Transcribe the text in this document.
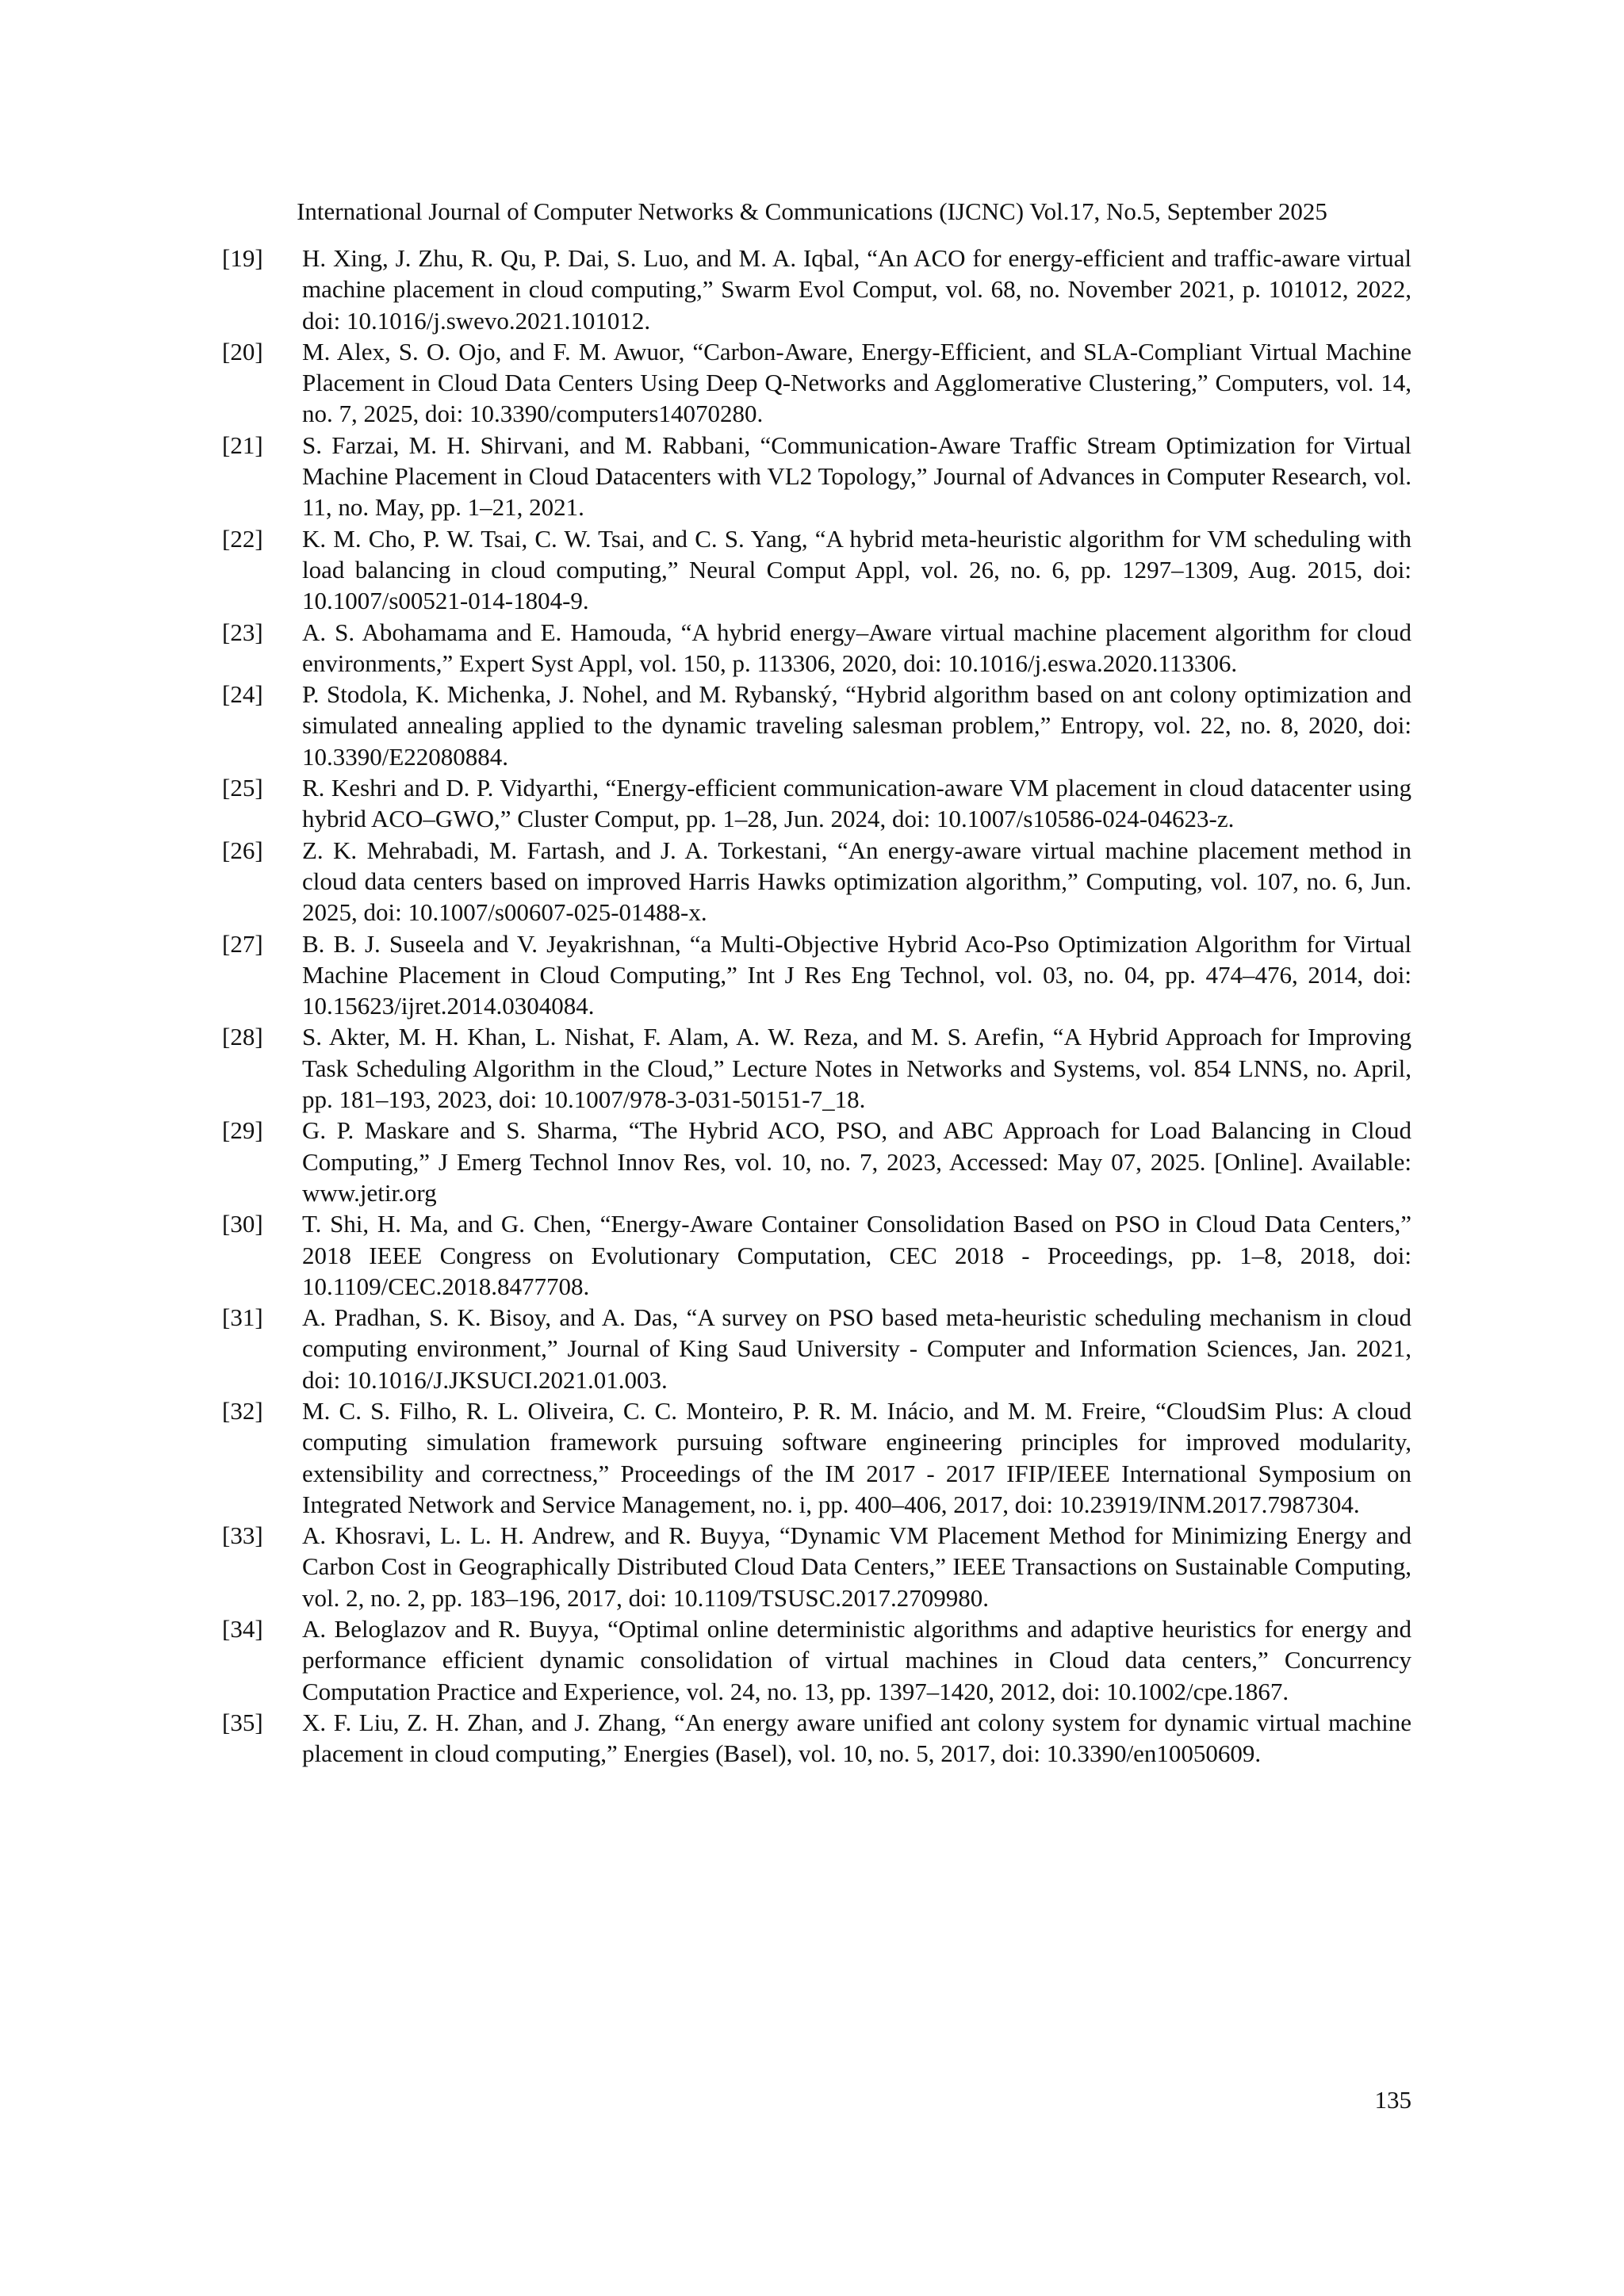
International Journal of Computer Networks & Communications (IJCNC) Vol.17, No.5, September 2025
[19]	H. Xing, J. Zhu, R. Qu, P. Dai, S. Luo, and M. A. Iqbal, “An ACO for energy-efficient and traffic-aware virtual machine placement in cloud computing,” Swarm Evol Comput, vol. 68, no. November 2021, p. 101012, 2022, doi: 10.1016/j.swevo.2021.101012.
[20]	M. Alex, S. O. Ojo, and F. M. Awuor, “Carbon-Aware, Energy-Efficient, and SLA-Compliant Virtual Machine Placement in Cloud Data Centers Using Deep Q-Networks and Agglomerative Clustering,” Computers, vol. 14, no. 7, 2025, doi: 10.3390/computers14070280.
[21]	S. Farzai, M. H. Shirvani, and M. Rabbani, “Communication-Aware Traffic Stream Optimization for Virtual Machine Placement in Cloud Datacenters with VL2 Topology,” Journal of Advances in Computer Research, vol. 11, no. May, pp. 1–21, 2021.
[22]	K. M. Cho, P. W. Tsai, C. W. Tsai, and C. S. Yang, “A hybrid meta-heuristic algorithm for VM scheduling with load balancing in cloud computing,” Neural Comput Appl, vol. 26, no. 6, pp. 1297–1309, Aug. 2015, doi: 10.1007/s00521-014-1804-9.
[23]	A. S. Abohamama and E. Hamouda, “A hybrid energy–Aware virtual machine placement algorithm for cloud environments,” Expert Syst Appl, vol. 150, p. 113306, 2020, doi: 10.1016/j.eswa.2020.113306.
[24]	P. Stodola, K. Michenka, J. Nohel, and M. Rybanský, “Hybrid algorithm based on ant colony optimization and simulated annealing applied to the dynamic traveling salesman problem,” Entropy, vol. 22, no. 8, 2020, doi: 10.3390/E22080884.
[25]	R. Keshri and D. P. Vidyarthi, “Energy-efficient communication-aware VM placement in cloud datacenter using hybrid ACO–GWO,” Cluster Comput, pp. 1–28, Jun. 2024, doi: 10.1007/s10586-024-04623-z.
[26]	Z. K. Mehrabadi, M. Fartash, and J. A. Torkestani, “An energy-aware virtual machine placement method in cloud data centers based on improved Harris Hawks optimization algorithm,” Computing, vol. 107, no. 6, Jun. 2025, doi: 10.1007/s00607-025-01488-x.
[27]	B. B. J. Suseela and V. Jeyakrishnan, “a Multi-Objective Hybrid Aco-Pso Optimization Algorithm for Virtual Machine Placement in Cloud Computing,” Int J Res Eng Technol, vol. 03, no. 04, pp. 474–476, 2014, doi: 10.15623/ijret.2014.0304084.
[28]	S. Akter, M. H. Khan, L. Nishat, F. Alam, A. W. Reza, and M. S. Arefin, “A Hybrid Approach for Improving Task Scheduling Algorithm in the Cloud,” Lecture Notes in Networks and Systems, vol. 854 LNNS, no. April, pp. 181–193, 2023, doi: 10.1007/978-3-031-50151-7_18.
[29]	G. P. Maskare and S. Sharma, “The Hybrid ACO, PSO, and ABC Approach for Load Balancing in Cloud Computing,” J Emerg Technol Innov Res, vol. 10, no. 7, 2023, Accessed: May 07, 2025. [Online]. Available: www.jetir.org
[30]	T. Shi, H. Ma, and G. Chen, “Energy-Aware Container Consolidation Based on PSO in Cloud Data Centers,” 2018 IEEE Congress on Evolutionary Computation, CEC 2018 - Proceedings, pp. 1–8, 2018, doi: 10.1109/CEC.2018.8477708.
[31]	A. Pradhan, S. K. Bisoy, and A. Das, “A survey on PSO based meta-heuristic scheduling mechanism in cloud computing environment,” Journal of King Saud University - Computer and Information Sciences, Jan. 2021, doi: 10.1016/J.JKSUCI.2021.01.003.
[32]	M. C. S. Filho, R. L. Oliveira, C. C. Monteiro, P. R. M. Inácio, and M. M. Freire, “CloudSim Plus: A cloud computing simulation framework pursuing software engineering principles for improved modularity, extensibility and correctness,” Proceedings of the IM 2017 - 2017 IFIP/IEEE International Symposium on Integrated Network and Service Management, no. i, pp. 400–406, 2017, doi: 10.23919/INM.2017.7987304.
[33]	A. Khosravi, L. L. H. Andrew, and R. Buyya, “Dynamic VM Placement Method for Minimizing Energy and Carbon Cost in Geographically Distributed Cloud Data Centers,” IEEE Transactions on Sustainable Computing, vol. 2, no. 2, pp. 183–196, 2017, doi: 10.1109/TSUSC.2017.2709980.
[34]	A. Beloglazov and R. Buyya, “Optimal online deterministic algorithms and adaptive heuristics for energy and performance efficient dynamic consolidation of virtual machines in Cloud data centers,” Concurrency Computation Practice and Experience, vol. 24, no. 13, pp. 1397–1420, 2012, doi: 10.1002/cpe.1867.
[35]	X. F. Liu, Z. H. Zhan, and J. Zhang, “An energy aware unified ant colony system for dynamic virtual machine placement in cloud computing,” Energies (Basel), vol. 10, no. 5, 2017, doi: 10.3390/en10050609.
135
